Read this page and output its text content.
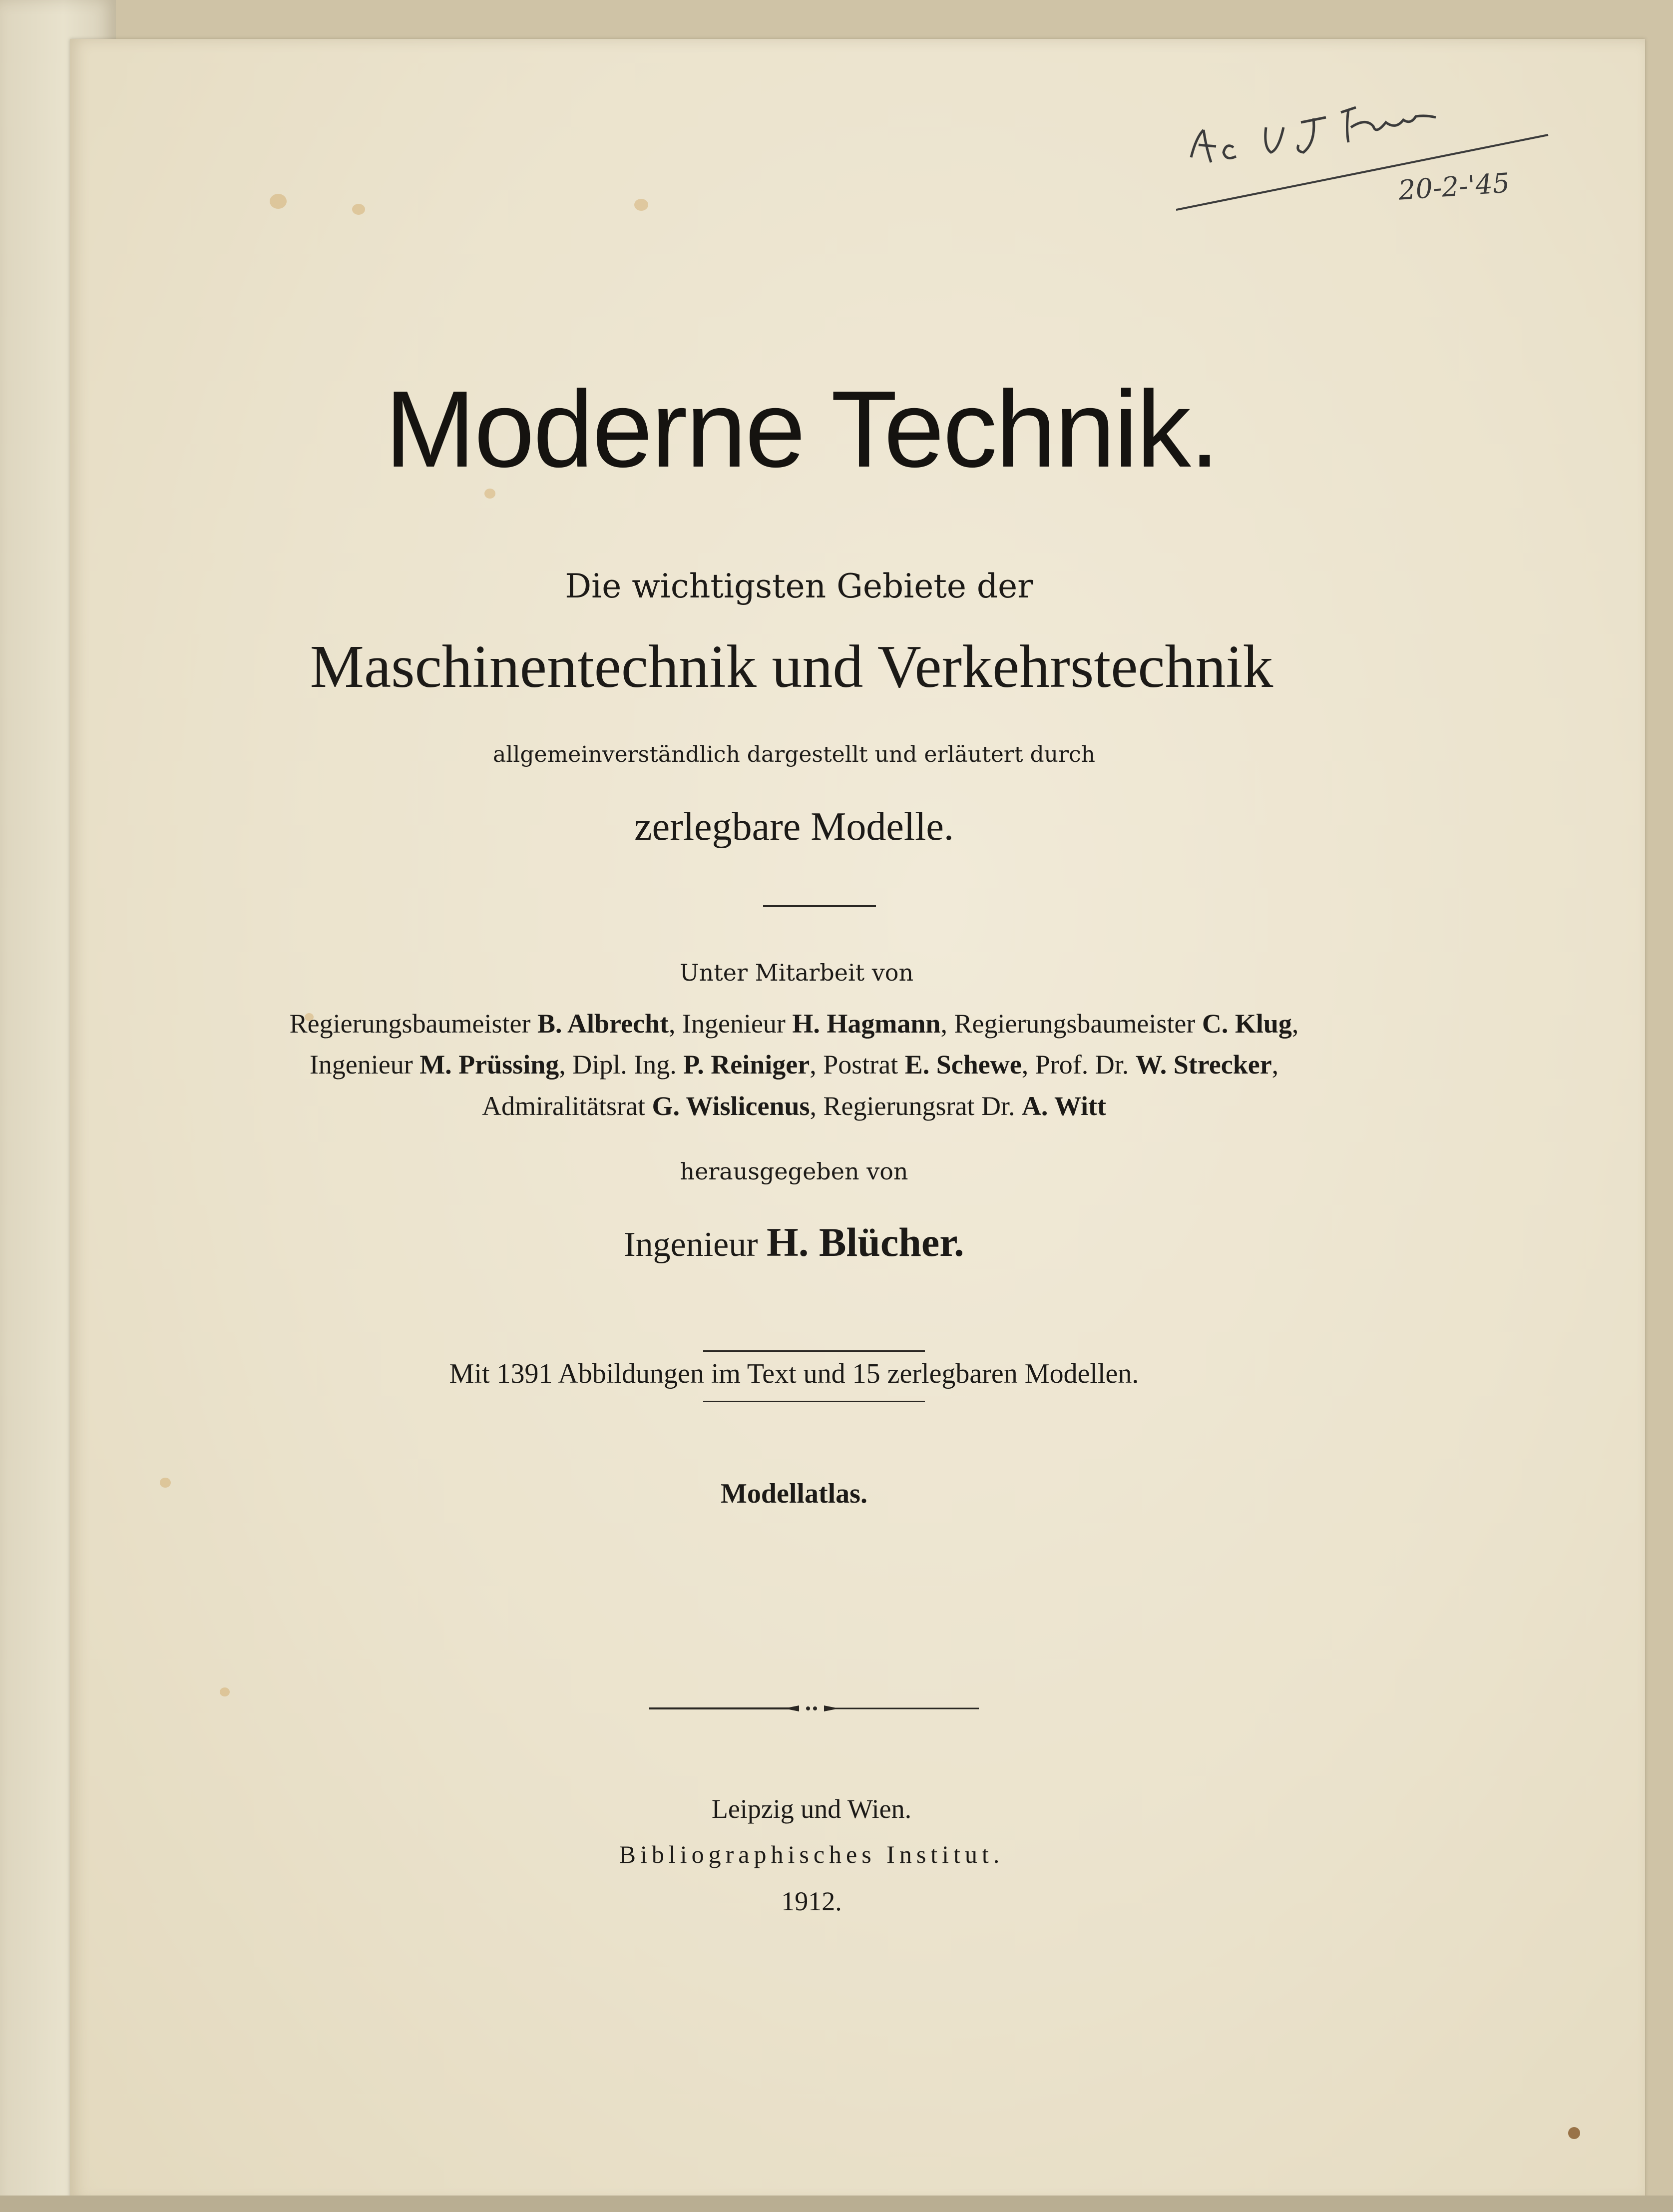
20-2-'45
Moderne Technik.
Die wichtigsten Gebiete der
Maschinentechnik und Verkehrstechnik
allgemeinverständlich dargestellt und erläutert durch
zerlegbare Modelle.
Unter Mitarbeit von
Regierungsbaumeister B. Albrecht, Ingenieur H. Hagmann, Regierungsbaumeister C. Klug,
Ingenieur M. Prüssing, Dipl. Ing. P. Reiniger, Postrat E. Schewe, Prof. Dr. W. Strecker,
Admiralitätsrat G. Wislicenus, Regierungsrat Dr. A. Witt
herausgegeben von
Ingenieur H. Blücher.
Mit 1391 Abbildungen im Text und 15 zerlegbaren Modellen.
Modellatlas.
Leipzig und Wien.
Bibliographisches Institut.
1912.
